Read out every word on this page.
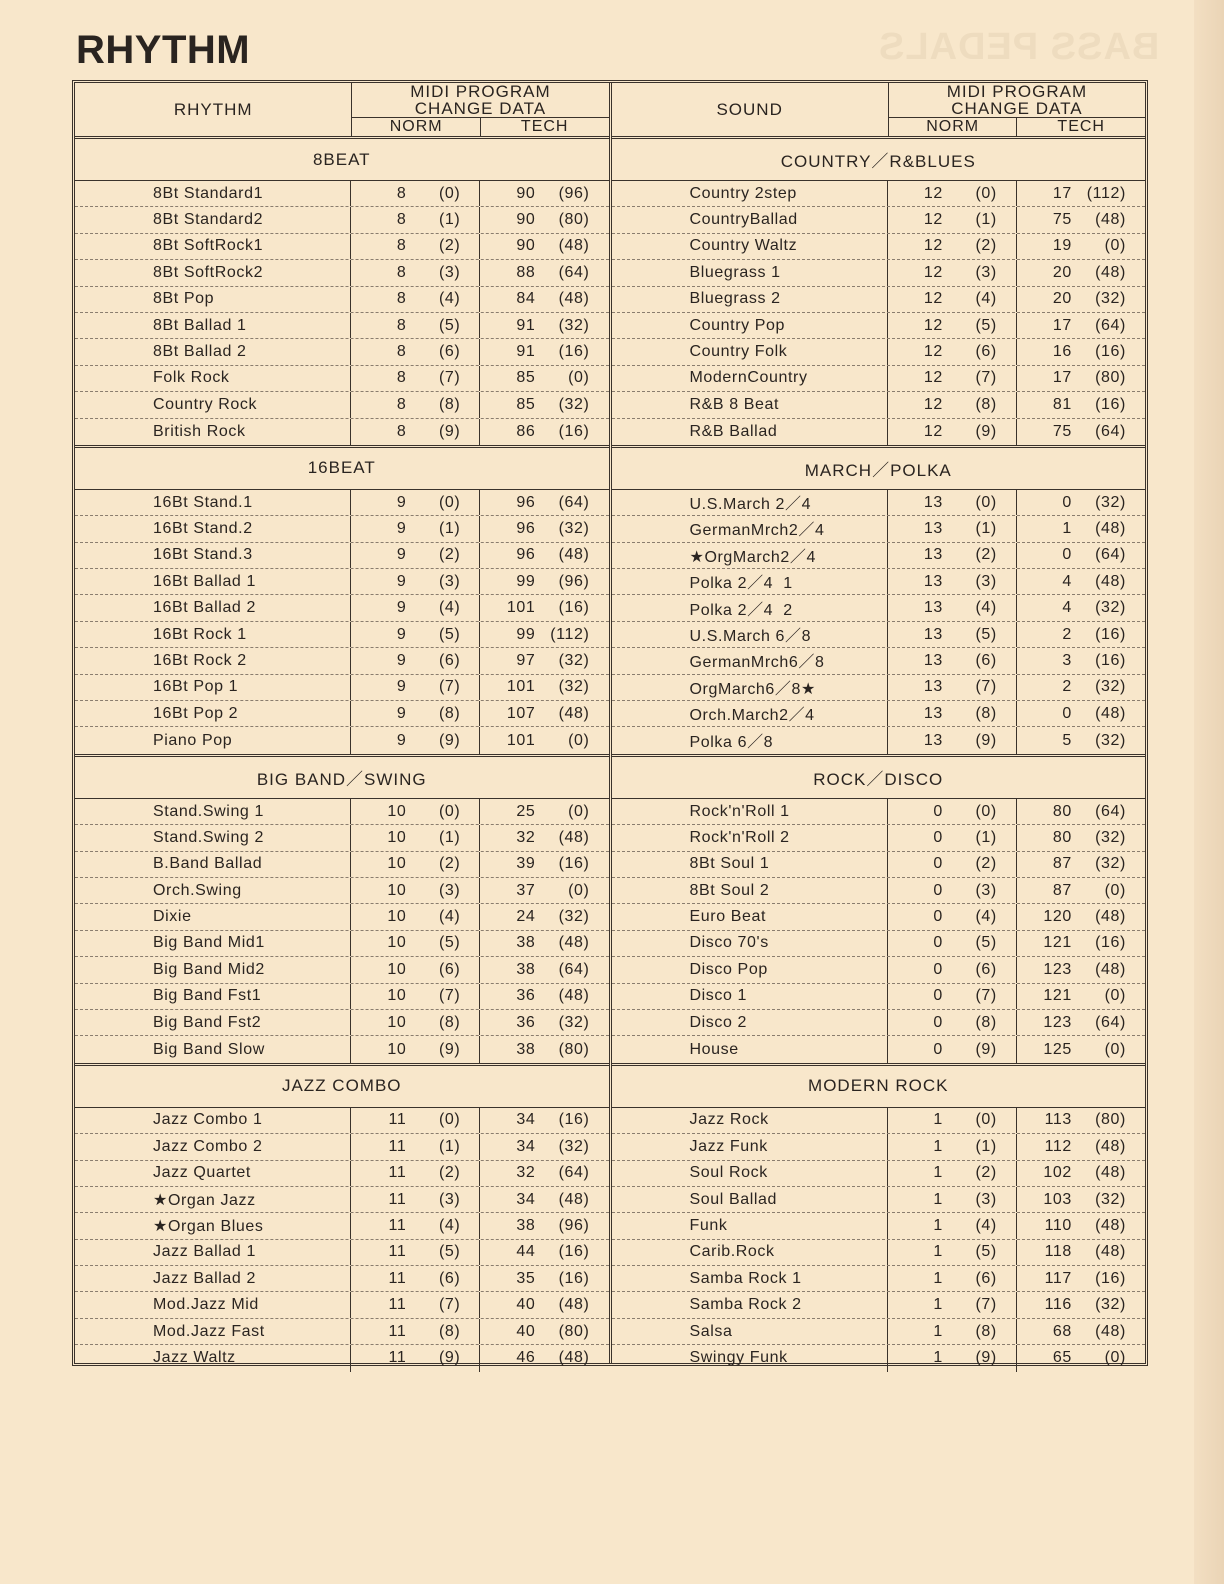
BASS PEDALS
RHYTHM
RHYTHM
MIDI PROGRAM
CHANGE DATA
NORM	TECH
8BEAT
8Bt Standard1	8	(0)	90	(96)
8Bt Standard2	8	(1)	90	(80)
8Bt SoftRock1	8	(2)	90	(48)
8Bt SoftRock2	8	(3)	88	(64)
8Bt Pop	8	(4)	84	(48)
8Bt Ballad 1	8	(5)	91	(32)
8Bt Ballad 2	8	(6)	91	(16)
Folk Rock	8	(7)	85	(0)
Country Rock	8	(8)	85	(32)
British Rock	8	(9)	86	(16)
16BEAT
16Bt Stand.1	9	(0)	96	(64)
16Bt Stand.2	9	(1)	96	(32)
16Bt Stand.3	9	(2)	96	(48)
16Bt Ballad 1	9	(3)	99	(96)
16Bt Ballad 2	9	(4)	101	(16)
16Bt Rock 1	9	(5)	99 (112)
16Bt Rock 2	9	(6)	97	(32)
16Bt Pop 1	9	(7)	101	(32)
16Bt Pop 2	9	(8)	107	(48)
Piano Pop	9	(9)	101	(0)
BIG BAND／SWING
Stand.Swing 1	10	(0)	25	(0)
Stand.Swing 2	10	(1)	32	(48)
B.Band Ballad	10	(2)	39	(16)
Orch.Swing	10	(3)	37	(0)
Dixie	10	(4)	24	(32)
Big Band Mid1	10	(5)	38	(48)
Big Band Mid2	10	(6)	38	(64)
Big Band Fst1	10	(7)	36	(48)
Big Band Fst2	10	(8)	36	(32)
Big Band Slow	10	(9)	38	(80)
JAZZ COMBO
Jazz Combo 1	11	(0)	34	(16)
Jazz Combo 2	11	(1)	34	(32)
Jazz Quartet	11	(2)	32	(64)
★Organ Jazz	11	(3)	34	(48)
★Organ Blues	11	(4)	38	(96)
Jazz Ballad 1	11	(5)	44	(16)
Jazz Ballad 2	11	(6)	35	(16)
Mod.Jazz Mid	11	(7)	40	(48)
Mod.Jazz Fast	11	(8)	40	(80)
Jazz Waltz	11	(9)	46	(48)
SOUND
MIDI PROGRAM
CHANGE DATA
NORM	TECH
COUNTRY／R&BLUES
Country 2step	12	(0)	17 (112)
CountryBallad	12	(1)	75	(48)
Country Waltz	12	(2)	19	(0)
Bluegrass 1	12	(3)	20	(48)
Bluegrass 2	12	(4)	20	(32)
Country Pop	12	(5)	17	(64)
Country Folk	12	(6)	16	(16)
ModernCountry	12	(7)	17	(80)
R&B 8 Beat	12	(8)	81	(16)
R&B Ballad	12	(9)	75	(64)
MARCH／POLKA
U.S.March 2／4	13	(0)	0	(32)
GermanMrch2／4	13	(1)	1	(48)
★OrgMarch2／4	13	(2)	0	(64)
Polka 2／4  1	13	(3)	4	(48)
Polka 2／4  2	13	(4)	4	(32)
U.S.March 6／8	13	(5)	2	(16)
GermanMrch6／8	13	(6)	3	(16)
OrgMarch6／8★	13	(7)	2	(32)
Orch.March2／4	13	(8)	0	(48)
Polka 6／8	13	(9)	5	(32)
ROCK／DISCO
Rock'n'Roll 1	0	(0)	80	(64)
Rock'n'Roll 2	0	(1)	80	(32)
8Bt Soul 1	0	(2)	87	(32)
8Bt Soul 2	0	(3)	87	(0)
Euro Beat	0	(4)	120	(48)
Disco 70's	0	(5)	121	(16)
Disco Pop	0	(6)	123	(48)
Disco 1	0	(7)	121	(0)
Disco 2	0	(8)	123	(64)
House	0	(9)	125	(0)
MODERN ROCK
Jazz Rock	1	(0)	113	(80)
Jazz Funk	1	(1)	112	(48)
Soul Rock	1	(2)	102	(48)
Soul Ballad	1	(3)	103	(32)
Funk	1	(4)	110	(48)
Carib.Rock	1	(5)	118	(48)
Samba Rock 1	1	(6)	117	(16)
Samba Rock 2	1	(7)	116	(32)
Salsa	1	(8)	68	(48)
Swingy Funk	1	(9)	65	(0)
